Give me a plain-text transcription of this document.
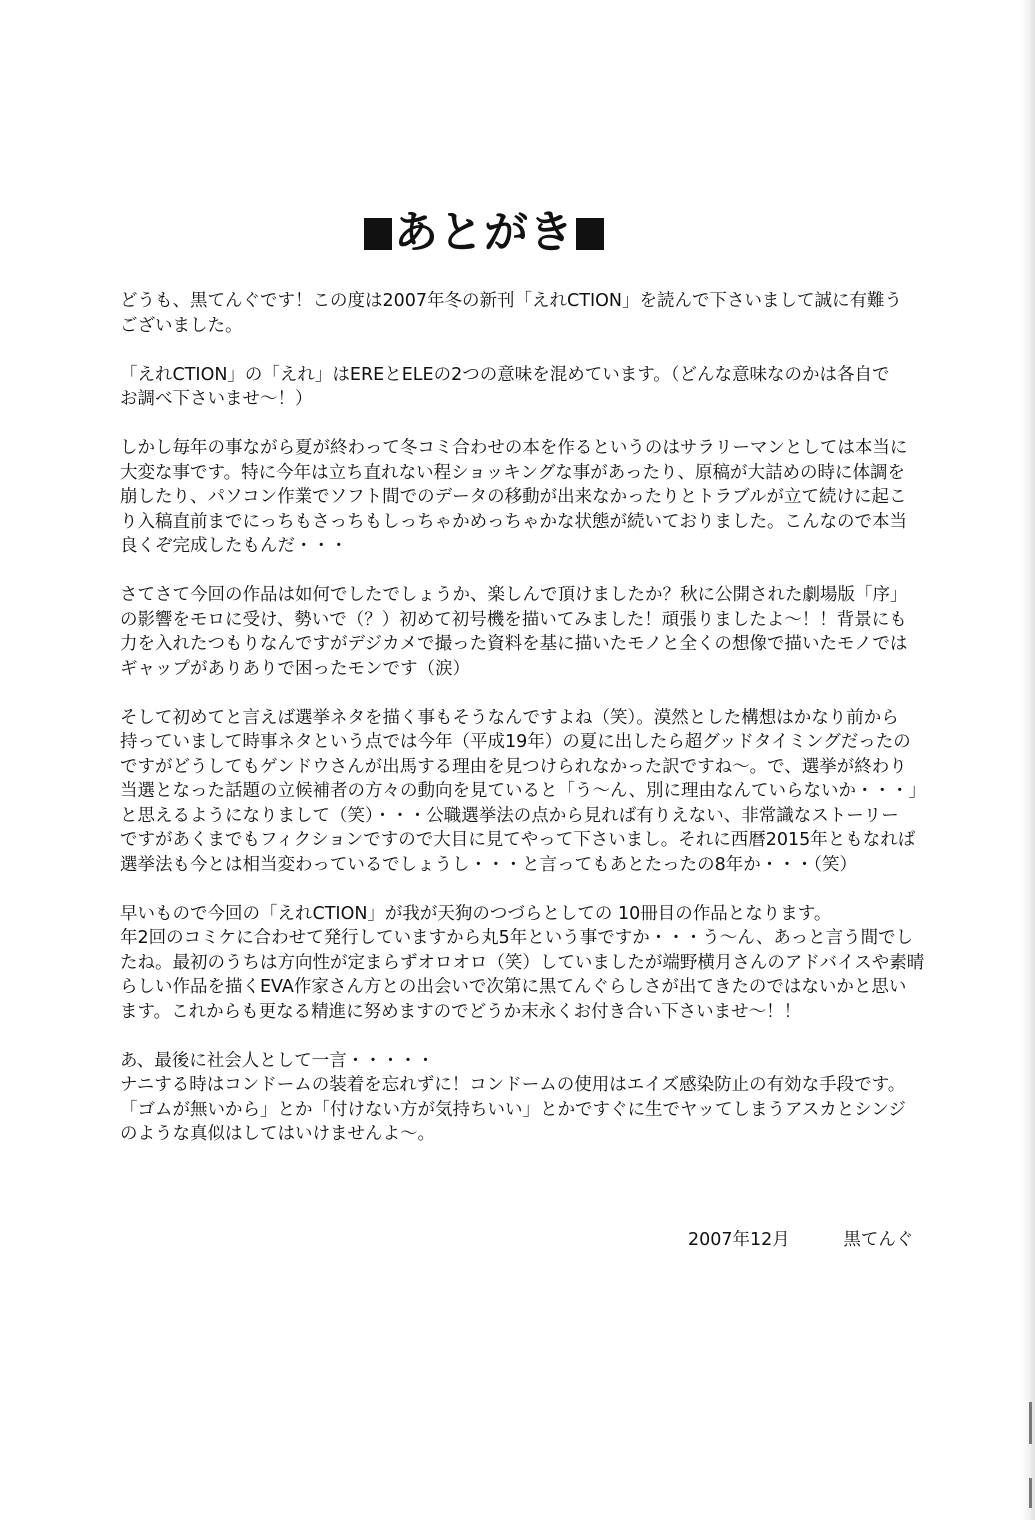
あとがき

どうも、黒てんぐです！この度は2007年冬の新刊「えれCTION」を読んで下さいまして誠に有難う
ございました。

「えれCTION」の「えれ」はEREとELEの2つの意味を混めています。（どんな意味なのかは各自で
お調べ下さいませ～！）

しかし毎年の事ながら夏が終わって冬コミ合わせの本を作るというのはサラリーマンとしては本当に
大変な事です。特に今年は立ち直れない程ショッキングな事があったり、原稿が大詰めの時に体調を
崩したり、パソコン作業でソフト間でのデータの移動が出来なかったりとトラブルが立て続けに起こ
り入稿直前までにっちもさっちもしっちゃかめっちゃかな状態が続いておりました。こんなので本当
良くぞ完成したもんだ・・・

さてさて今回の作品は如何でしたでしょうか、楽しんで頂けましたか？秋に公開された劇場版「序」
の影響をモロに受け、勢いで（？）初めて初号機を描いてみました！頑張りましたよ～！！背景にも
力を入れたつもりなんですがデジカメで撮った資料を基に描いたモノと全くの想像で描いたモノでは
ギャップがありありで困ったモンです（涙）

そして初めてと言えば選挙ネタを描く事もそうなんですよね（笑）。漠然とした構想はかなり前から
持っていまして時事ネタという点では今年（平成19年）の夏に出したら超グッドタイミングだったの
ですがどうしてもゲンドウさんが出馬する理由を見つけられなかった訳ですね～。で、選挙が終わり
当選となった話題の立候補者の方々の動向を見ていると「う～ん、別に理由なんていらないか・・・」
と思えるようになりまして（笑）・・・公職選挙法の点から見れば有りえない、非常識なストーリー
ですがあくまでもフィクションですので大目に見てやって下さいまし。それに西暦2015年ともなれば
選挙法も今とは相当変わっているでしょうし・・・と言ってもあとたったの8年か・・・（笑）

早いもので今回の「えれCTION」が我が天狗のつづらとしての 10冊目の作品となります。
年2回のコミケに合わせて発行していますから丸5年という事ですか・・・う～ん、あっと言う間でし
たね。最初のうちは方向性が定まらずオロオロ（笑）していましたが端野横月さんのアドバイスや素晴
らしい作品を描くEVA作家さん方との出会いで次第に黒てんぐらしさが出てきたのではないかと思い
ます。これからも更なる精進に努めますのでどうか末永くお付き合い下さいませ～！！

あ、最後に社会人として一言・・・・・
ナニする時はコンドームの装着を忘れずに！コンドームの使用はエイズ感染防止の有効な手段です。
「ゴムが無いから」とか「付けない方が気持ちいい」とかですぐに生でヤッてしまうアスカとシンジ
のような真似はしてはいけませんよ～。

2007年12月	黒てんぐ
